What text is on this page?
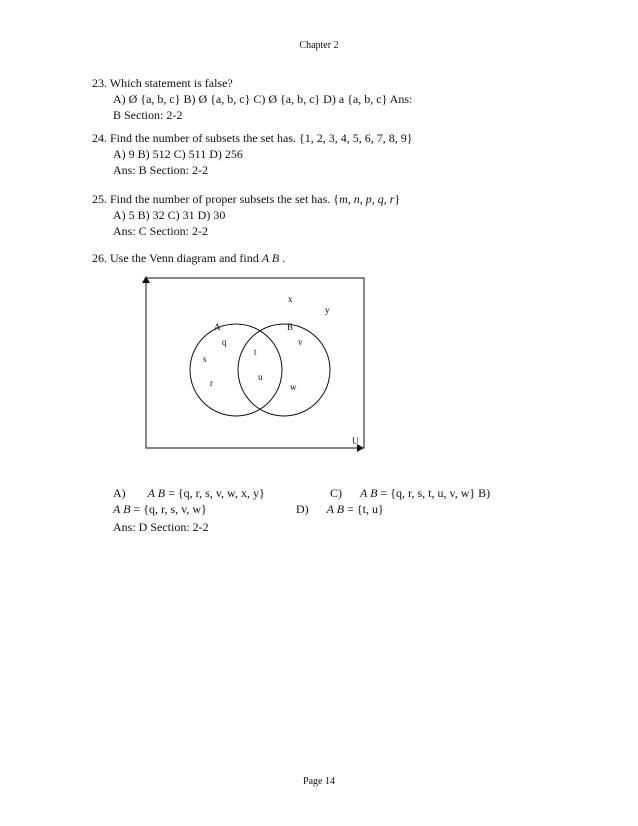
Chapter 2
23. Which statement is false?
A) Ø {a, b, c} B) Ø {a, b, c} C) Ø {a, b, c} D) a {a, b, c} Ans:
B Section: 2-2
24. Find the number of subsets the set has. {1, 2, 3, 4, 5, 6, 7, 8, 9}
A) 9 B) 512 C) 511 D) 256
Ans: B Section: 2-2
25. Find the number of proper subsets the set has. {m, n, p, q, r}
A) 5 B) 32 C) 31 D) 30
Ans: C Section: 2-2
26. Use the Venn diagram and find A B .
x
y
A	B
q
s
r
t
u
v
w
U
A) A B = {q, r, s, v, w, x, y}	C) A B = {q, r, s, t, u, v, w} B)
A B = {q, r, s, v, w}	D) A B = {t, u}
Ans: D Section: 2-2
Page 14
